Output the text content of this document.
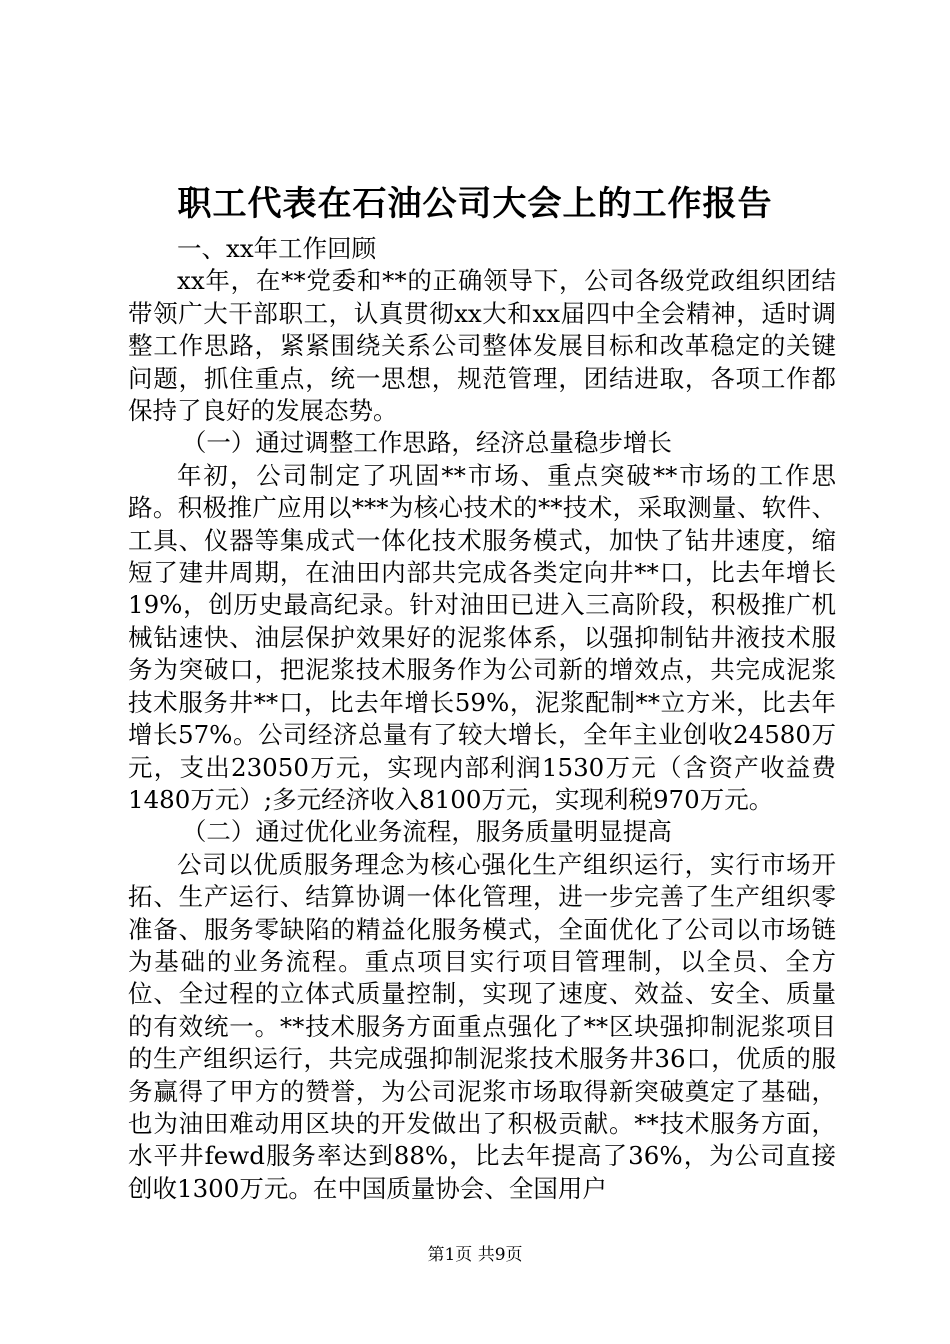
职工代表在石油公司大会上的工作报告

一、xx年工作回顾

xx年，在**党委和**的正确领导下，公司各级党政组织团结带领广大干部职工，认真贯彻xx大和xx届四中全会精神，适时调整工作思路，紧紧围绕关系公司整体发展目标和改革稳定的关键问题，抓住重点，统一思想，规范管理，团结进取，各项工作都保持了良好的发展态势。

（一）通过调整工作思路，经济总量稳步增长

年初，公司制定了巩固**市场、重点突破**市场的工作思路。积极推广应用以***为核心技术的**技术，采取测量、软件、工具、仪器等集成式一体化技术服务模式，加快了钻井速度，缩短了建井周期，在油田内部共完成各类定向井**口，比去年增长19%，创历史最高纪录。针对油田已进入三高阶段，积极推广机械钻速快、油层保护效果好的泥浆体系，以强抑制钻井液技术服务为突破口，把泥浆技术服务作为公司新的增效点，共完成泥浆技术服务井**口，比去年增长59%，泥浆配制**立方米，比去年增长57%。公司经济总量有了较大增长，全年主业创收24580万元，支出23050万元，实现内部利润1530万元（含资产收益费1480万元）;多元经济收入8100万元，实现利税970万元。

（二）通过优化业务流程，服务质量明显提高

公司以优质服务理念为核心强化生产组织运行，实行市场开拓、生产运行、结算协调一体化管理，进一步完善了生产组织零准备、服务零缺陷的精益化服务模式，全面优化了公司以市场链为基础的业务流程。重点项目实行项目管理制，以全员、全方位、全过程的立体式质量控制，实现了速度、效益、安全、质量的有效统一。**技术服务方面重点强化了**区块强抑制泥浆项目的生产组织运行，共完成强抑制泥浆技术服务井36口，优质的服务赢得了甲方的赞誉，为公司泥浆市场取得新突破奠定了基础，也为油田难动用区块的开发做出了积极贡献。**技术服务方面，水平井fewd服务率达到88%，比去年提高了36%，为公司直接创收1300万元。在中国质量协会、全国用户

第1页 共9页
